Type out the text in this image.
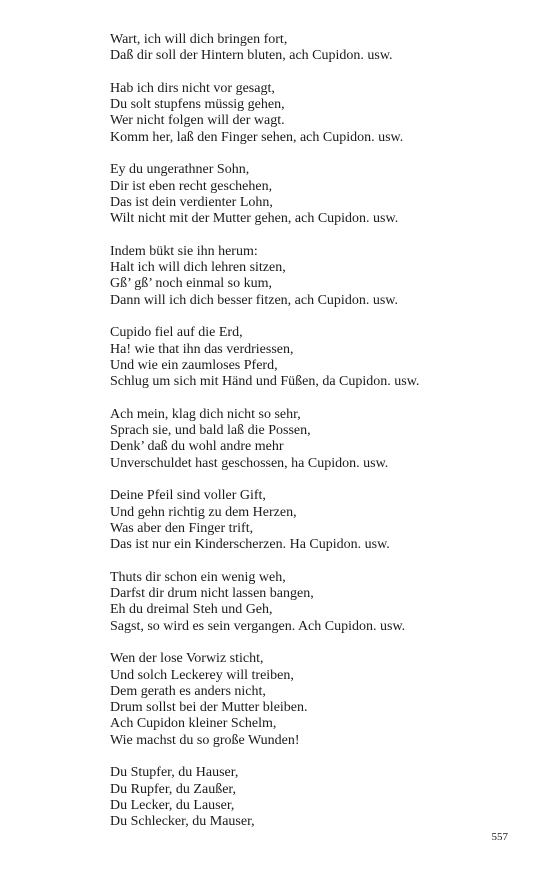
Wart, ich will dich bringen fort,
Daß dir soll der Hintern bluten, ach Cupidon. usw.
Hab ich dirs nicht vor gesagt,
Du solt stupfens müssig gehen,
Wer nicht folgen will der wagt.
Komm her, laß den Finger sehen, ach Cupidon. usw.
Ey du ungerathner Sohn,
Dir ist eben recht geschehen,
Das ist dein verdienter Lohn,
Wilt nicht mit der Mutter gehen, ach Cupidon. usw.
Indem bükt sie ihn herum:
Halt ich will dich lehren sitzen,
Gß’ gß’ noch einmal so kum,
Dann will ich dich besser fitzen, ach Cupidon. usw.
Cupido fiel auf die Erd,
Ha! wie that ihn das verdriessen,
Und wie ein zaumloses Pferd,
Schlug um sich mit Händ und Füßen, da Cupidon. usw.
Ach mein, klag dich nicht so sehr,
Sprach sie, und bald laß die Possen,
Denk’ daß du wohl andre mehr
Unverschuldet hast geschossen, ha Cupidon. usw.
Deine Pfeil sind voller Gift,
Und gehn richtig zu dem Herzen,
Was aber den Finger trift,
Das ist nur ein Kinderscherzen. Ha Cupidon. usw.
Thuts dir schon ein wenig weh,
Darfst dir drum nicht lassen bangen,
Eh du dreimal Steh und Geh,
Sagst, so wird es sein vergangen. Ach Cupidon. usw.
Wen der lose Vorwiz sticht,
Und solch Leckerey will treiben,
Dem gerath es anders nicht,
Drum sollst bei der Mutter bleiben.
Ach Cupidon kleiner Schelm,
Wie machst du so große Wunden!
Du Stupfer, du Hauser,
Du Rupfer, du Zaußer,
Du Lecker, du Lauser,
Du Schlecker, du Mauser,
557
